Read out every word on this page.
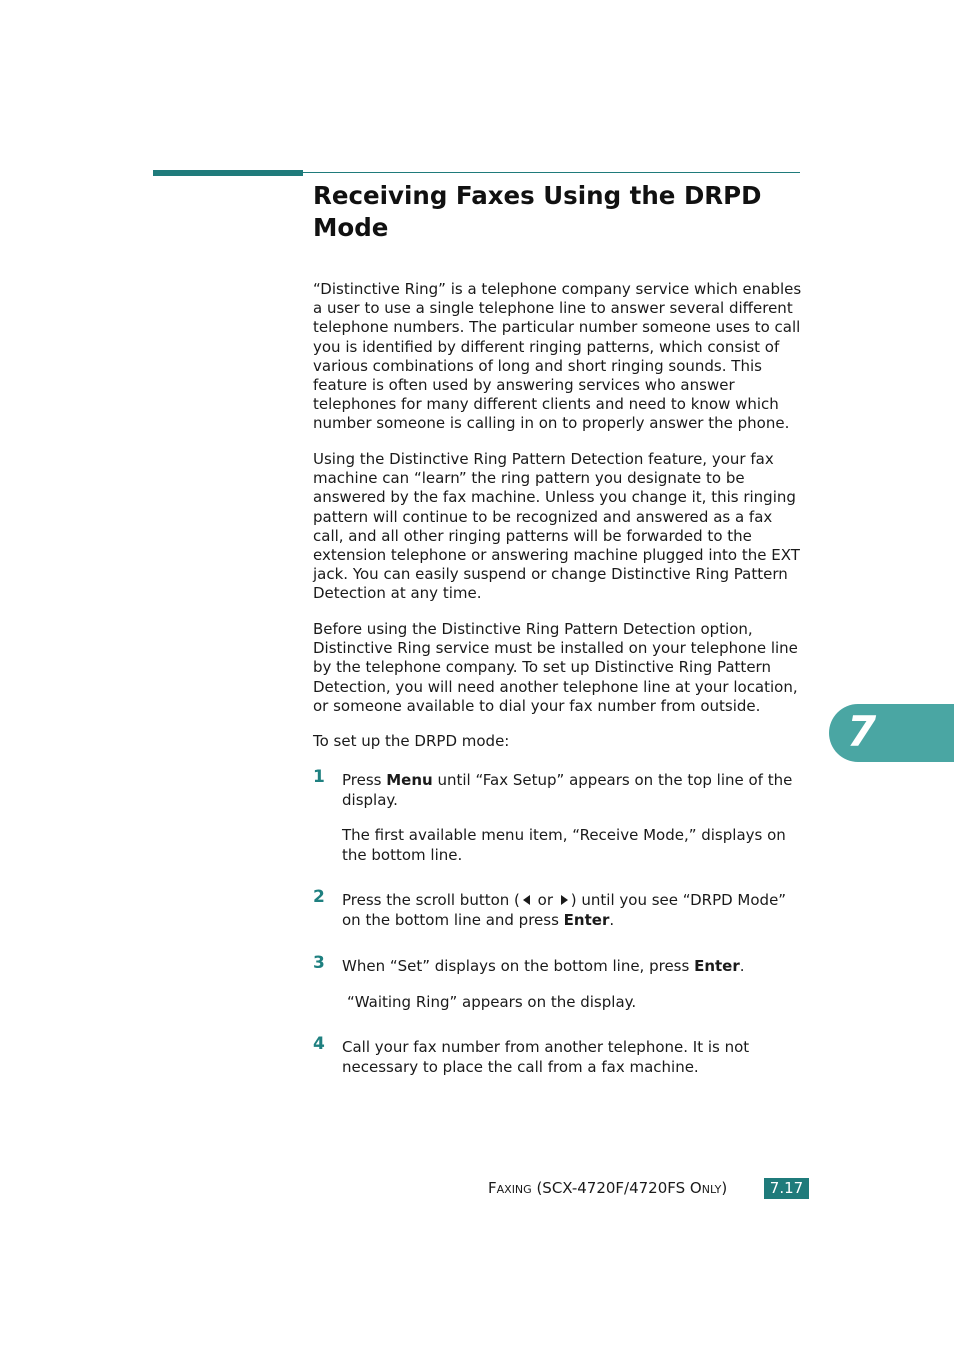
Receiving Faxes Using the DRPD Mode

“Distinctive Ring” is a telephone company service which enables a user to use a single telephone line to answer several different telephone numbers. The particular number someone uses to call you is identified by different ringing patterns, which consist of various combinations of long and short ringing sounds. This feature is often used by answering services who answer telephones for many different clients and need to know which number someone is calling in on to properly answer the phone.

Using the Distinctive Ring Pattern Detection feature, your fax machine can “learn” the ring pattern you designate to be answered by the fax machine. Unless you change it, this ringing pattern will continue to be recognized and answered as a fax call, and all other ringing patterns will be forwarded to the extension telephone or answering machine plugged into the EXT jack. You can easily suspend or change Distinctive Ring Pattern Detection at any time.

Before using the Distinctive Ring Pattern Detection option, Distinctive Ring service must be installed on your telephone line by the telephone company. To set up Distinctive Ring Pattern Detection, you will need another telephone line at your location, or someone available to dial your fax number from outside.

To set up the DRPD mode:

1 Press Menu until “Fax Setup” appears on the top line of the display.

The first available menu item, “Receive Mode,” displays on the bottom line.

2 Press the scroll button ( or ) until you see “DRPD Mode” on the bottom line and press Enter.

3 When “Set” displays on the bottom line, press Enter.

“Waiting Ring” appears on the display.

4 Call your fax number from another telephone. It is not necessary to place the call from a fax machine.

7
Faxing (SCX-4720F/4720FS Only)	7.17
